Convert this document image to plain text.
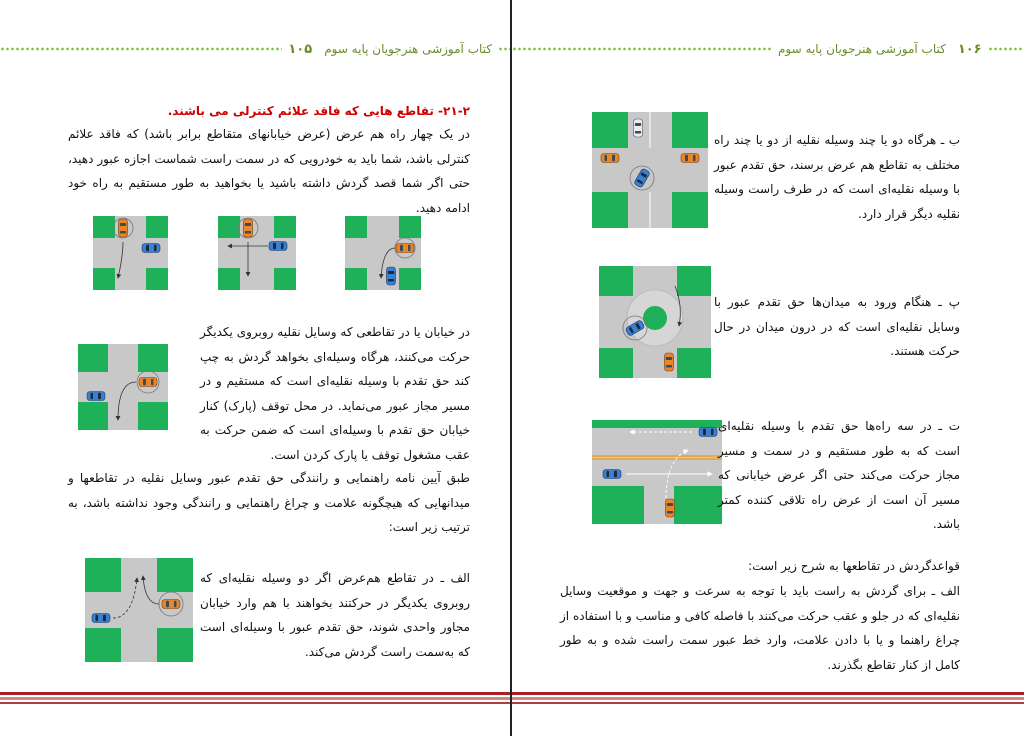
۱۰۵	کتاب آموزشی هنرجویان پایه سوم

۲۱-۲- تقاطع هایی که فاقد علائم کنترلی می باشند.

در یک چهار راه هم عرض (عرض خیابانهای متقاطع برابر باشد) که فاقد علائم کنترلی باشد، شما باید به خودرویی که در سمت راست شماست اجازه عبور دهید، حتی اگر شما قصد گردش داشته باشید یا بخواهید به طور مستقیم به راه خود ادامه دهید.

در خیابان یا در تقاطعی که وسایل نقلیه روبروی یکدیگر حرکت می‌کنند، هرگاه وسیله‌ای بخواهد گردش به چپ کند حق تقدم با وسیله نقلیه‌ای است که مستقیم و در مسیر مجاز عبور می‌نماید. در محل توقف (پارک) کنار خیابان حق تقدم با وسیله‌ای است که ضمن حرکت به عقب مشغول توقف یا پارک کردن است.

طبق آیین نامه راهنمایی و رانندگی حق تقدم عبور وسایل نقلیه در تقاطعها و میدانهایی که هیچگونه علامت و چراغ راهنمایی و رانندگی وجود نداشته باشد، به ترتیب زیر است:

الف ـ در تقاطع هم‌عرض اگر دو وسیله نقلیه‌ای که روبروی یکدیگر در حرکتند بخواهند با هم وارد خیابان مجاور واحدی شوند، حق تقدم عبور با وسیله‌ای است که به‌سمت راست گردش می‌کند.

کتاب آموزشی هنرجویان پایه سوم ۱۰۶

ب ـ هرگاه دو یا چند وسیله نقلیه از دو یا چند راه مختلف به تقاطع هم عرض برسند، حق تقدم عبور با وسیله نقلیه‌ای است که در طرف راست وسیله نقلیه دیگر قرار دارد.

پ ـ هنگام ورود به میدان‌ها حق تقدم عبور با وسایل نقلیه‌ای است که در درون میدان در حال حرکت هستند.

ت ـ در سه راه‌ها حق تقدم با وسیله نقلیه‌ای است که به طور مستقیم و در سمت و مسیر مجاز حرکت می‌کند حتی اگر عرض خیابانی که مسیر آن است از عرض راه تلاقی کننده کمتر باشد.

قواعدگردش در تقاطعها به شرح زیر است:

الف ـ برای گردش به راست باید با توجه به سرعت و جهت و موقعیت وسایل نقلیه‌ای که در جلو و عقب حرکت می‌کنند با فاصله کافی و مناسب و با استفاده از چراغ راهنما و یا با دادن علامت، وارد خط عبور سمت راست شده و به طور کامل از کنار تقاطع بگذرند.
